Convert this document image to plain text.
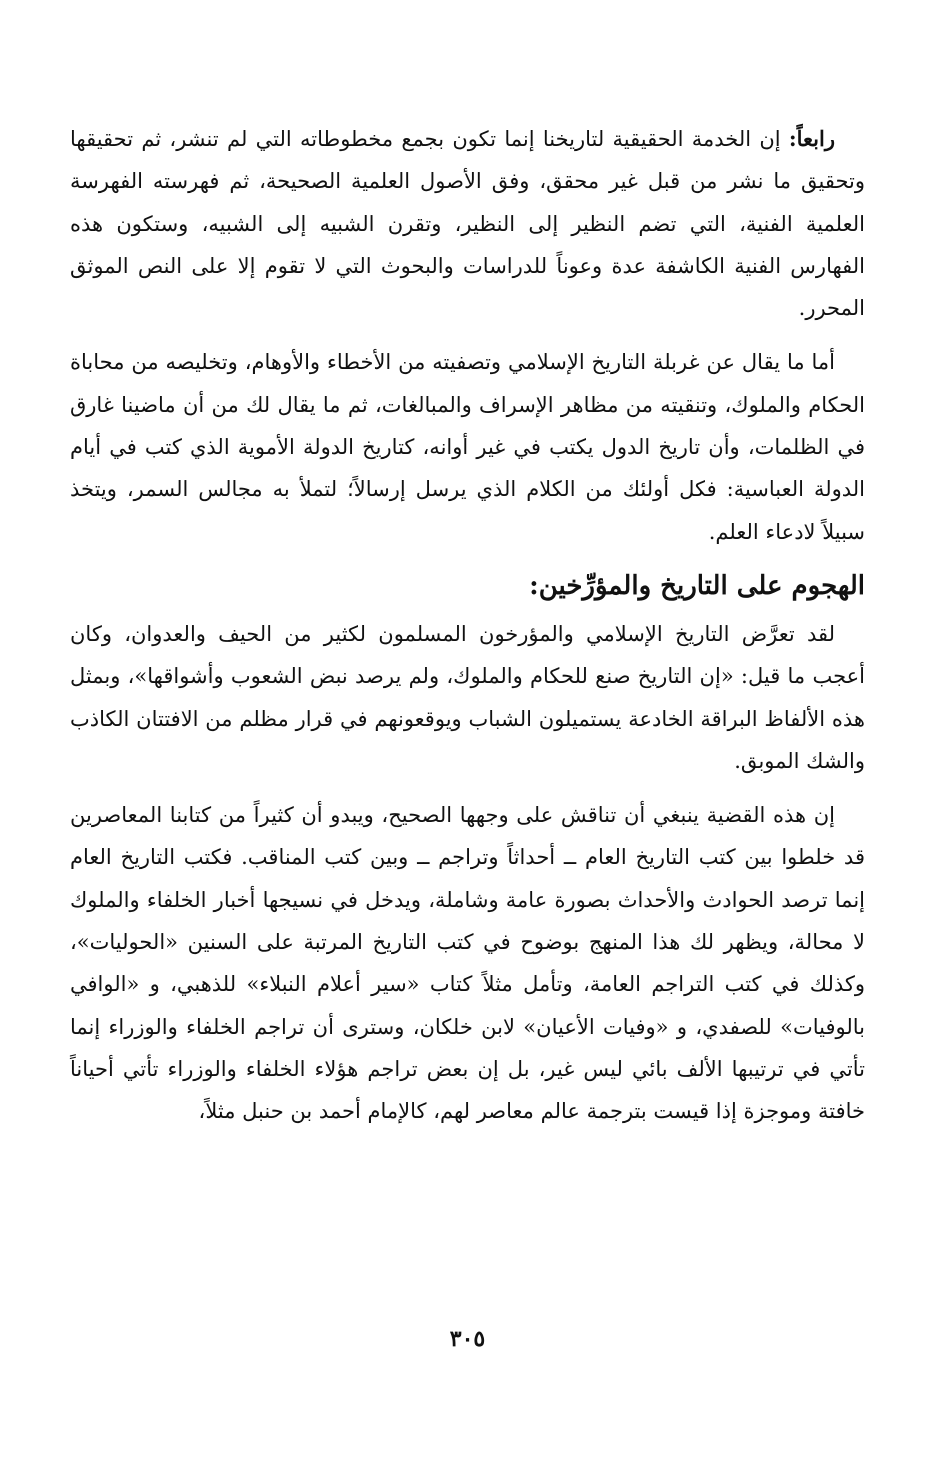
رابعاً: إن الخدمة الحقيقية لتاريخنا إنما تكون بجمع مخطوطاته التي لم تنشر، ثم تحقيقها وتحقيق ما نشر من قبل غير محقق، وفق الأصول العلمية الصحيحة، ثم فهرسته الفهرسة العلمية الفنية، التي تضم النظير إلى النظير، وتقرن الشبيه إلى الشبيه، وستكون هذه الفهارس الفنية الكاشفة عدة وعوناً للدراسات والبحوث التي لا تقوم إلا على النص الموثق المحرر.

أما ما يقال عن غربلة التاريخ الإسلامي وتصفيته من الأخطاء والأوهام، وتخليصه من محاباة الحكام والملوك، وتنقيته من مظاهر الإسراف والمبالغات، ثم ما يقال لك من أن ماضينا غارق في الظلمات، وأن تاريخ الدول يكتب في غير أوانه، كتاريخ الدولة الأموية الذي كتب في أيام الدولة العباسية: فكل أولئك من الكلام الذي يرسل إرسالاً؛ لتملأ به مجالس السمر، ويتخذ سبيلاً لادعاء العلم.

الهجوم على التاريخ والمؤرِّخين:

لقد تعرَّض التاريخ الإسلامي والمؤرخون المسلمون لكثير من الحيف والعدوان، وكان أعجب ما قيل: «إن التاريخ صنع للحكام والملوك، ولم يرصد نبض الشعوب وأشواقها»، وبمثل هذه الألفاظ البراقة الخادعة يستميلون الشباب ويوقعونهم في قرار مظلم من الافتتان الكاذب والشك الموبق.

إن هذه القضية ينبغي أن تناقش على وجهها الصحيح، ويبدو أن كثيراً من كتابنا المعاصرين قد خلطوا بين كتب التاريخ العام ــ أحداثاً وتراجم ــ وبين كتب المناقب. فكتب التاريخ العام إنما ترصد الحوادث والأحداث بصورة عامة وشاملة، ويدخل في نسيجها أخبار الخلفاء والملوك لا محالة، ويظهر لك هذا المنهج بوضوح في كتب التاريخ المرتبة على السنين «الحوليات»، وكذلك في كتب التراجم العامة، وتأمل مثلاً كتاب «سير أعلام النبلاء» للذهبي، و «الوافي بالوفيات» للصفدي، و «وفيات الأعيان» لابن خلكان، وسترى أن تراجم الخلفاء والوزراء إنما تأتي في ترتيبها الألف بائي ليس غير، بل إن بعض تراجم هؤلاء الخلفاء والوزراء تأتي أحياناً خافتة وموجزة إذا قيست بترجمة عالم معاصر لهم، كالإمام أحمد بن حنبل مثلاً،

٣٠٥
